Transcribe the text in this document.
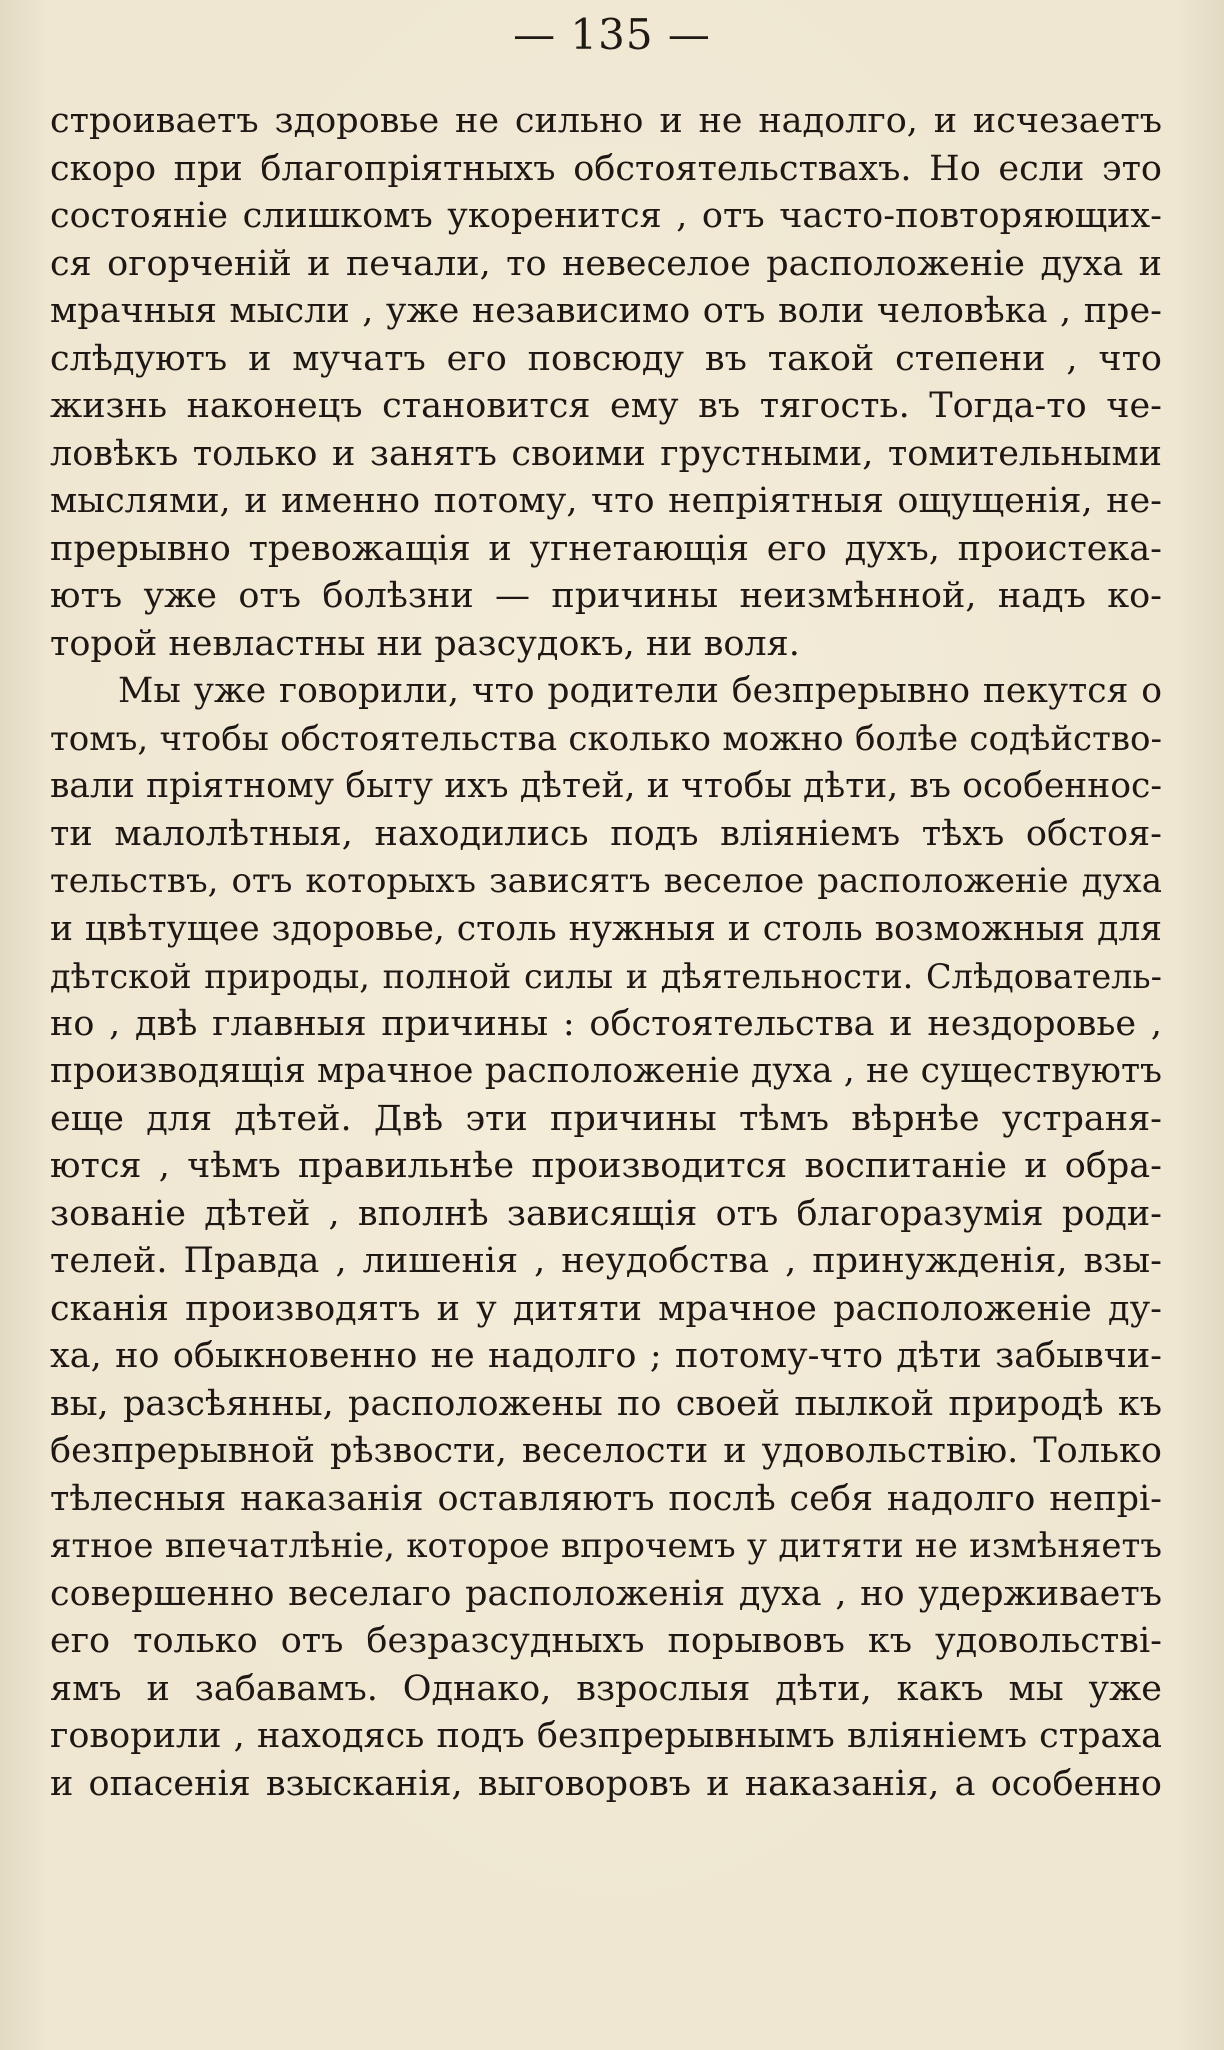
— 135 —
строиваетъ здоровье не сильно и не надолго, и исчезаетъ
скоро при благопріятныхъ обстоятельствахъ. Но если это
состояніе слишкомъ укоренится , отъ часто-повторяющих-
ся огорченій и печали, то невеселое расположеніе духа и
мрачныя мысли , уже независимо отъ воли человѣка , пре-
слѣдуютъ и мучатъ его повсюду въ такой степени , что
жизнь наконецъ становится ему въ тягость. Тогда-то че-
ловѣкъ только и занятъ своими грустными, томительными
мыслями, и именно потому, что непріятныя ощущенія, не-
прерывно тревожащія и угнетающія его духъ, проистека-
ютъ уже отъ болѣзни — причины неизмѣнной, надъ ко-
торой невластны ни разсудокъ, ни воля.
Мы уже говорили, что родители безпрерывно пекутся о
томъ, чтобы обстоятельства сколько можно болѣе содѣйство-
вали пріятному быту ихъ дѣтей, и чтобы дѣти, въ особеннос-
ти малолѣтныя, находились подъ вліяніемъ тѣхъ обстоя-
тельствъ, отъ которыхъ зависятъ веселое расположеніе духа
и цвѣтущее здоровье, столь нужныя и столь возможныя для
дѣтской природы, полной силы и дѣятельности. Слѣдователь-
но , двѣ главныя причины : обстоятельства и нездоровье ,
производящія мрачное расположеніе духа , не существуютъ
еще для дѣтей. Двѣ эти причины тѣмъ вѣрнѣе устраня-
ются , чѣмъ правильнѣе производится воспитаніе и обра-
зованіе дѣтей , вполнѣ зависящія отъ благоразумія роди-
телей. Правда , лишенія , неудобства , принужденія, взы-
сканія производятъ и у дитяти мрачное расположеніе ду-
ха, но обыкновенно не надолго ; потому-что дѣти забывчи-
вы, разсѣянны, расположены по своей пылкой природѣ къ
безпрерывной рѣзвости, веселости и удовольствію. Только
тѣлесныя наказанія оставляютъ послѣ себя надолго непрі-
ятное впечатлѣніе, которое впрочемъ у дитяти не измѣняетъ
совершенно веселаго расположенія духа , но удерживаетъ
его только отъ безразсудныхъ порывовъ къ удовольстві-
ямъ и забавамъ. Однако, взрослыя дѣти, какъ мы уже
говорили , находясь подъ безпрерывнымъ вліяніемъ страха
и опасенія взысканія, выговоровъ и наказанія, а особенно
